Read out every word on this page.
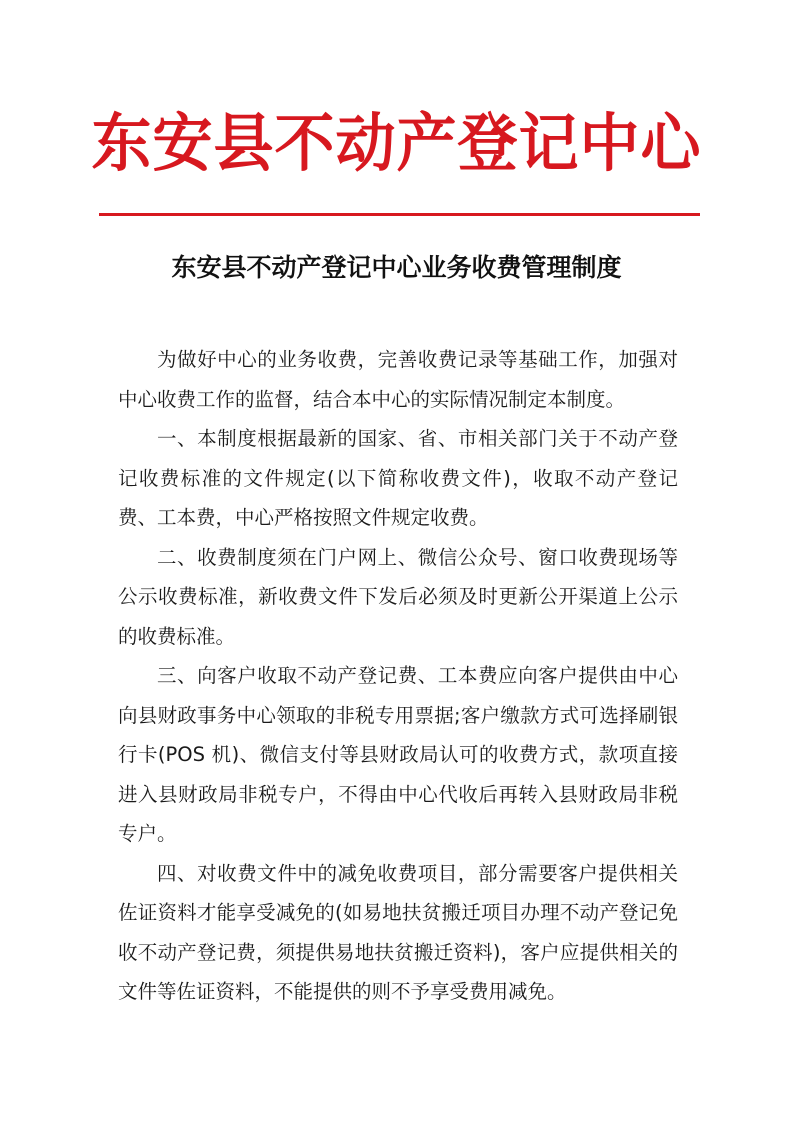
东安县不动产登记中心
东安县不动产登记中心业务收费管理制度

为做好中心的业务收费，完善收费记录等基础工作，加强对中心收费工作的监督，结合本中心的实际情况制定本制度。

一、本制度根据最新的国家、省、市相关部门关于不动产登记收费标准的文件规定(以下简称收费文件)，收取不动产登记费、工本费，中心严格按照文件规定收费。

二、收费制度须在门户网上、微信公众号、窗口收费现场等公示收费标准，新收费文件下发后必须及时更新公开渠道上公示的收费标准。

三、向客户收取不动产登记费、工本费应向客户提供由中心向县财政事务中心领取的非税专用票据;客户缴款方式可选择刷银行卡(POS 机)、微信支付等县财政局认可的收费方式，款项直接进入县财政局非税专户，不得由中心代收后再转入县财政局非税专户。

四、对收费文件中的减免收费项目，部分需要客户提供相关佐证资料才能享受减免的(如易地扶贫搬迁项目办理不动产登记免收不动产登记费，须提供易地扶贫搬迁资料)，客户应提供相关的文件等佐证资料，不能提供的则不予享受费用减免。
